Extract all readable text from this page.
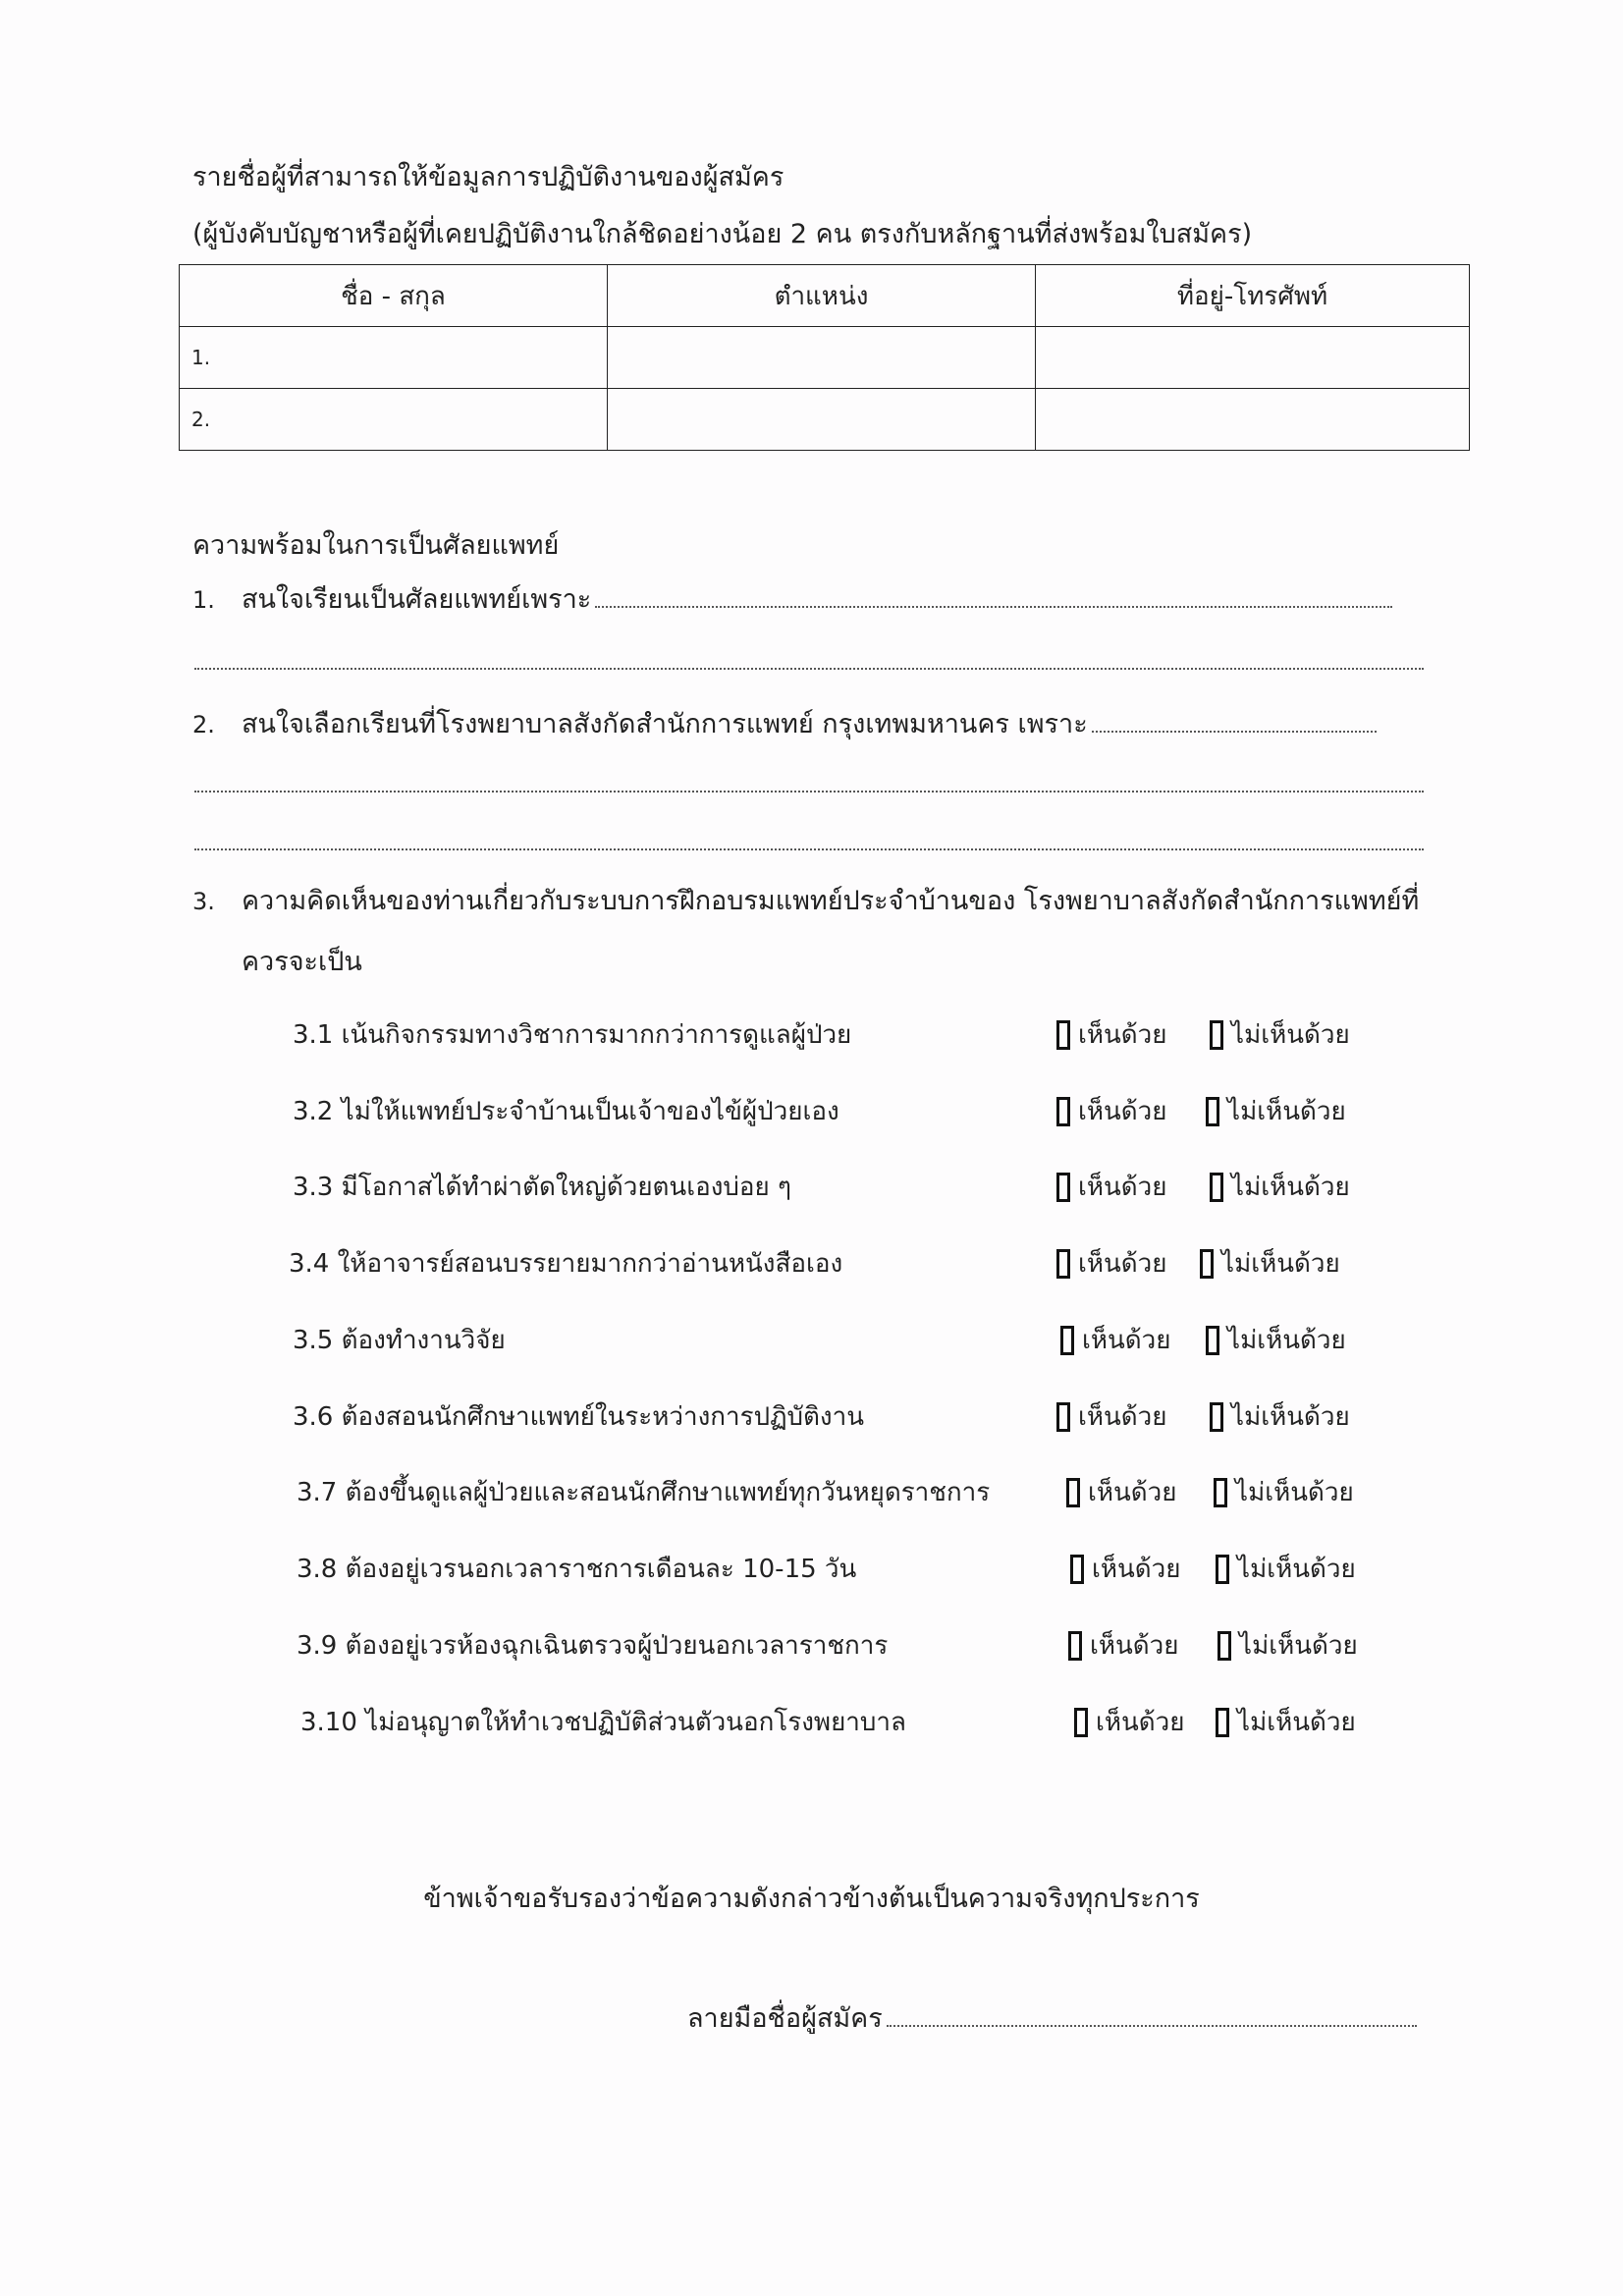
รายชื่อผู้ที่สามารถให้ข้อมูลการปฏิบัติงานของผู้สมัคร
(ผู้บังคับบัญชาหรือผู้ที่เคยปฏิบัติงานใกล้ชิดอย่างน้อย 2 คน ตรงกับหลักฐานที่ส่งพร้อมใบสมัคร)
ชื่อ - สกุล	ตำแหน่ง	ที่อยู่-โทรศัพท์
1.		
2.		
ความพร้อมในการเป็นศัลยแพทย์
1. สนใจเรียนเป็นศัลยแพทย์เพราะ
2. สนใจเลือกเรียนที่โรงพยาบาลสังกัดสำนักการแพทย์ กรุงเทพมหานคร เพราะ
3. ความคิดเห็นของท่านเกี่ยวกับระบบการฝึกอบรมแพทย์ประจำบ้านของ โรงพยาบาลสังกัดสำนักการแพทย์ที่
ควรจะเป็น
3.1 เน้นกิจกรรมทางวิชาการมากกว่าการดูแลผู้ป่วย	เห็นด้วย	ไม่เห็นด้วย
3.2 ไม่ให้แพทย์ประจำบ้านเป็นเจ้าของไข้ผู้ป่วยเอง	เห็นด้วย ไม่เห็นด้วย
3.3 มีโอกาสได้ทำผ่าตัดใหญ่ด้วยตนเองบ่อย ๆ	เห็นด้วย	ไม่เห็นด้วย
3.4 ให้อาจารย์สอนบรรยายมากกว่าอ่านหนังสือเอง	เห็นด้วย ไม่เห็นด้วย
3.5 ต้องทำงานวิจัย	เห็นด้วย ไม่เห็นด้วย
3.6 ต้องสอนนักศึกษาแพทย์ในระหว่างการปฏิบัติงาน	เห็นด้วย	ไม่เห็นด้วย
3.7 ต้องขึ้นดูแลผู้ป่วยและสอนนักศึกษาแพทย์ทุกวันหยุดราชการ	เห็นด้วย ไม่เห็นด้วย
3.8 ต้องอยู่เวรนอกเวลาราชการเดือนละ 10-15 วัน	เห็นด้วย ไม่เห็นด้วย
3.9 ต้องอยู่เวรห้องฉุกเฉินตรวจผู้ป่วยนอกเวลาราชการ	เห็นด้วย ไม่เห็นด้วย
3.10 ไม่อนุญาตให้ทำเวชปฏิบัติส่วนตัวนอกโรงพยาบาล	เห็นด้วย ไม่เห็นด้วย
ข้าพเจ้าขอรับรองว่าข้อความดังกล่าวข้างต้นเป็นความจริงทุกประการ
ลายมือชื่อผู้สมัคร
